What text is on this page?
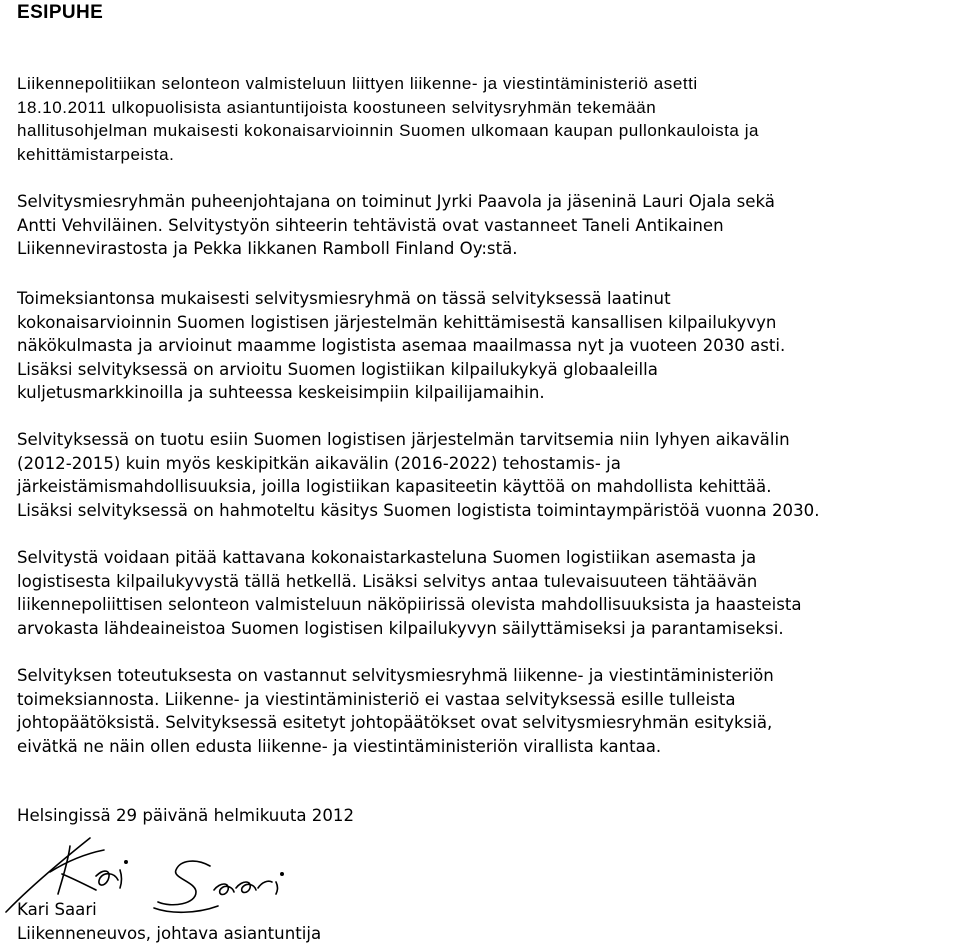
ESIPUHE

Liikennepolitiikan selonteon valmisteluun liittyen liikenne- ja viestintäministeriö asetti
18.10.2011 ulkopuolisista asiantuntijoista koostuneen selvitysryhmän tekemään
hallitusohjelman mukaisesti kokonaisarvioinnin Suomen ulkomaan kaupan pullonkauloista ja
kehittämistarpeista.

Selvitysmiesryhmän puheenjohtajana on toiminut Jyrki Paavola ja jäseninä Lauri Ojala sekä
Antti Vehviläinen. Selvitystyön sihteerin tehtävistä ovat vastanneet Taneli Antikainen
Liikennevirastosta ja Pekka Iikkanen Ramboll Finland Oy:stä.

Toimeksiantonsa mukaisesti selvitysmiesryhmä on tässä selvityksessä laatinut
kokonaisarvioinnin Suomen logistisen järjestelmän kehittämisestä kansallisen kilpailukyvyn
näkökulmasta ja arvioinut maamme logistista asemaa maailmassa nyt ja vuoteen 2030 asti.
Lisäksi selvityksessä on arvioitu Suomen logistiikan kilpailukykyä globaaleilla
kuljetusmarkkinoilla ja suhteessa keskeisimpiin kilpailijamaihin.

Selvityksessä on tuotu esiin Suomen logistisen järjestelmän tarvitsemia niin lyhyen aikavälin
(2012-2015) kuin myös keskipitkän aikavälin (2016-2022) tehostamis- ja
järkeistämismahdollisuuksia, joilla logistiikan kapasiteetin käyttöä on mahdollista kehittää.
Lisäksi selvityksessä on hahmoteltu käsitys Suomen logistista toimintaympäristöä vuonna 2030.

Selvitystä voidaan pitää kattavana kokonaistarkasteluna Suomen logistiikan asemasta ja
logistisesta kilpailukyvystä tällä hetkellä. Lisäksi selvitys antaa tulevaisuuteen tähtäävän
liikennepoliittisen selonteon valmisteluun näköpiirissä olevista mahdollisuuksista ja haasteista
arvokasta lähdeaineistoa Suomen logistisen kilpailukyvyn säilyttämiseksi ja parantamiseksi.

Selvityksen toteutuksesta on vastannut selvitysmiesryhmä liikenne- ja viestintäministeriön
toimeksiannosta. Liikenne- ja viestintäministeriö ei vastaa selvityksessä esille tulleista
johtopäätöksistä. Selvityksessä esitetyt johtopäätökset ovat selvitysmiesryhmän esityksiä,
eivätkä ne näin ollen edusta liikenne- ja viestintäministeriön virallista kantaa.

Helsingissä 29 päivänä helmikuuta 2012

Kari Saari

Liikenneneuvos, johtava asiantuntija
